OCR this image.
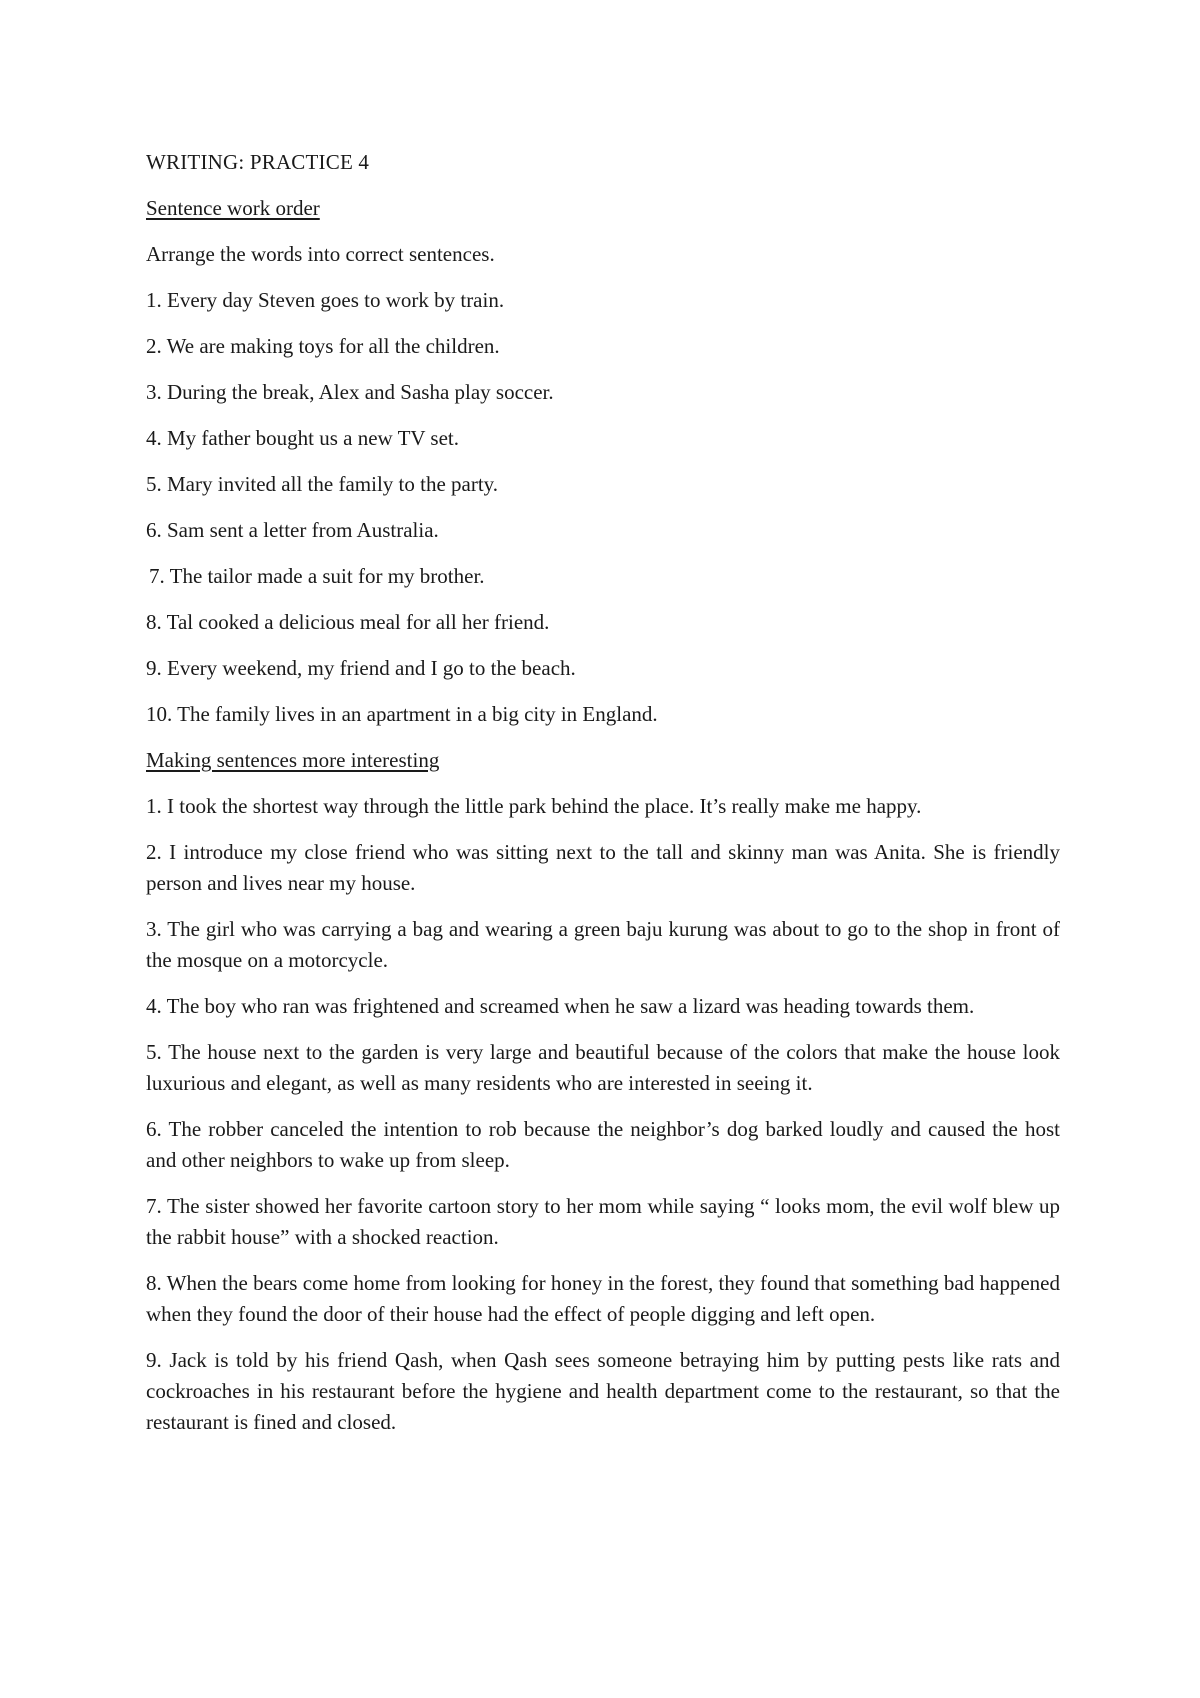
WRITING: PRACTICE 4
Sentence work order
Arrange the words into correct sentences.
1. Every day Steven goes to work by train.
2. We are making toys for all the children.
3. During the break, Alex and Sasha play soccer.
4. My father bought us a new TV set.
5. Mary invited all the family to the party.
6. Sam sent a letter from Australia.
7. The tailor made a suit for my brother.
8. Tal cooked a delicious meal for all her friend.
9. Every weekend, my friend and I go to the beach.
10. The family lives in an apartment in a big city in England.
Making sentences more interesting
1. I took the shortest way through the little park behind the place. It’s really make me happy.
2. I introduce my close friend who was sitting next to the tall and skinny man was Anita. She is friendly person and lives near my house.
3. The girl who was carrying a bag and wearing a green baju kurung was about to go to the shop in front of the mosque on a motorcycle.
4. The boy who ran was frightened and screamed when he saw a lizard was heading towards them.
5. The house next to the garden is very large and beautiful because of the colors that make the house look luxurious and elegant, as well as many residents who are interested in seeing it.
6. The robber canceled the intention to rob because the neighbor’s dog barked loudly and caused the host and other neighbors to wake up from sleep.
7. The sister showed her favorite cartoon story to her mom while saying “ looks mom, the evil wolf blew up the rabbit house” with a shocked reaction.
8. When the bears come home from looking for honey in the forest, they found that something bad happened when they found the door of their house had the effect of people digging and left open.
9. Jack is told by his friend Qash, when Qash sees someone betraying him by putting pests like rats and cockroaches in his restaurant before the hygiene and health department come to the restaurant, so that the restaurant is fined and closed.
